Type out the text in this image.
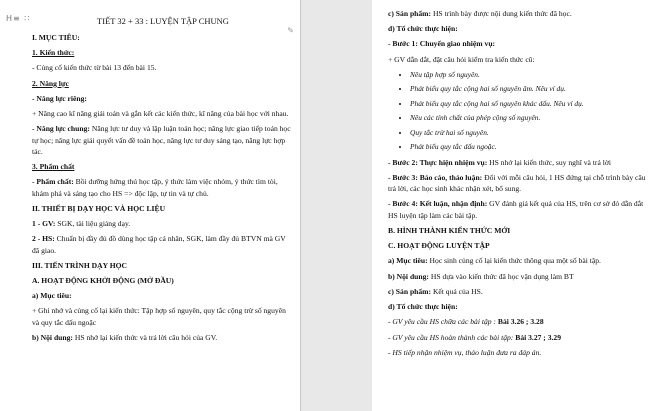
H≡ ∷	TIẾT 32 + 33 : LUYỆN TẬP CHUNG

I. MỤC TIÊU:

1. Kiến thức:

- Củng cố kiến thức từ bài 13 đến bài 15.

2. Năng lực

- Năng lực riêng:

+ Nâng cao kĩ năng giải toán và gắn kết các kiến thức, kĩ năng của bài học với nhau.

- Năng lực chung: Năng lực tư duy và lập luận toán học; năng lực giao tiếp toán học tự học; năng lực giải quyết vấn đề toán học, năng lực tư duy sáng tạo, năng lực hợp tác.

3. Phẩm chất

- Phẩm chất: Bồi dưỡng hứng thú học tập, ý thức làm việc nhóm, ý thức tìm tòi, khám phá và sáng tạo cho HS => độc lập, tự tin và tự chủ.

II. THIẾT BỊ DẠY HỌC VÀ HỌC LIỆU

1 - GV: SGK, tài liệu giảng dạy.

2 - HS: Chuẩn bị đầy đủ đồ dùng học tập cá nhân, SGK, làm đầy đủ BTVN mà GV đã giao.

III. TIẾN TRÌNH DẠY HỌC

A. HOẠT ĐỘNG KHỞI ĐỘNG (MỞ ĐẦU)

a) Mục tiêu:

+ Ghi nhớ và củng cố lại kiến thức: Tập hợp số nguyên, quy tắc cộng trừ số nguyên và quy tắc dấu ngoặc

b) Nội dung: HS nhớ lại kiến thức và trả lời câu hỏi của GV.

✎

c) Sản phẩm: HS trình bày được nội dung kiến thức đã học.

d) Tổ chức thực hiện:

- Bước 1: Chuyển giao nhiệm vụ:

+ GV dẫn dắt, đặt câu hỏi kiểm tra kiến thức cũ:

• Nêu tập hợp số nguyên.
• Phát biểu quy tắc cộng hai số nguyên âm. Nêu ví dụ.
• Phát biểu quy tắc cộng hai số nguyên khác dấu. Nêu ví dụ.
• Nêu các tính chất của phép cộng số nguyên.
• Quy tắc trừ hai số nguyên.
• Phát biểu quy tắc dấu ngoặc.

- Bước 2: Thực hiện nhiệm vụ: HS nhớ lại kiến thức, suy nghĩ và trả lời

- Bước 3: Báo cáo, thảo luận: Đối với mỗi câu hỏi, 1 HS đứng tại chỗ trình bày câu trả lời, các học sinh khác nhận xét, bổ sung.

- Bước 4: Kết luận, nhận định: GV đánh giá kết quả của HS, trên cơ sở đó dẫn dắt HS luyện tập làm các bài tập.

B. HÌNH THÀNH KIẾN THỨC MỚI

C. HOẠT ĐỘNG LUYỆN TẬP

a) Mục tiêu: Học sinh củng cố lại kiến thức thông qua một số bài tập.

b) Nội dung: HS dựa vào kiến thức đã học vận dụng làm BT

c) Sản phẩm: Kết quả của HS.

d) Tổ chức thực hiện:

- GV yêu cầu HS chữa các bài tập : Bài 3.26 ; 3.28

- GV yêu cầu HS hoàn thành các bài tập: Bài 3.27 ; 3.29

- HS tiếp nhận nhiệm vụ, thảo luận đưa ra đáp án.
